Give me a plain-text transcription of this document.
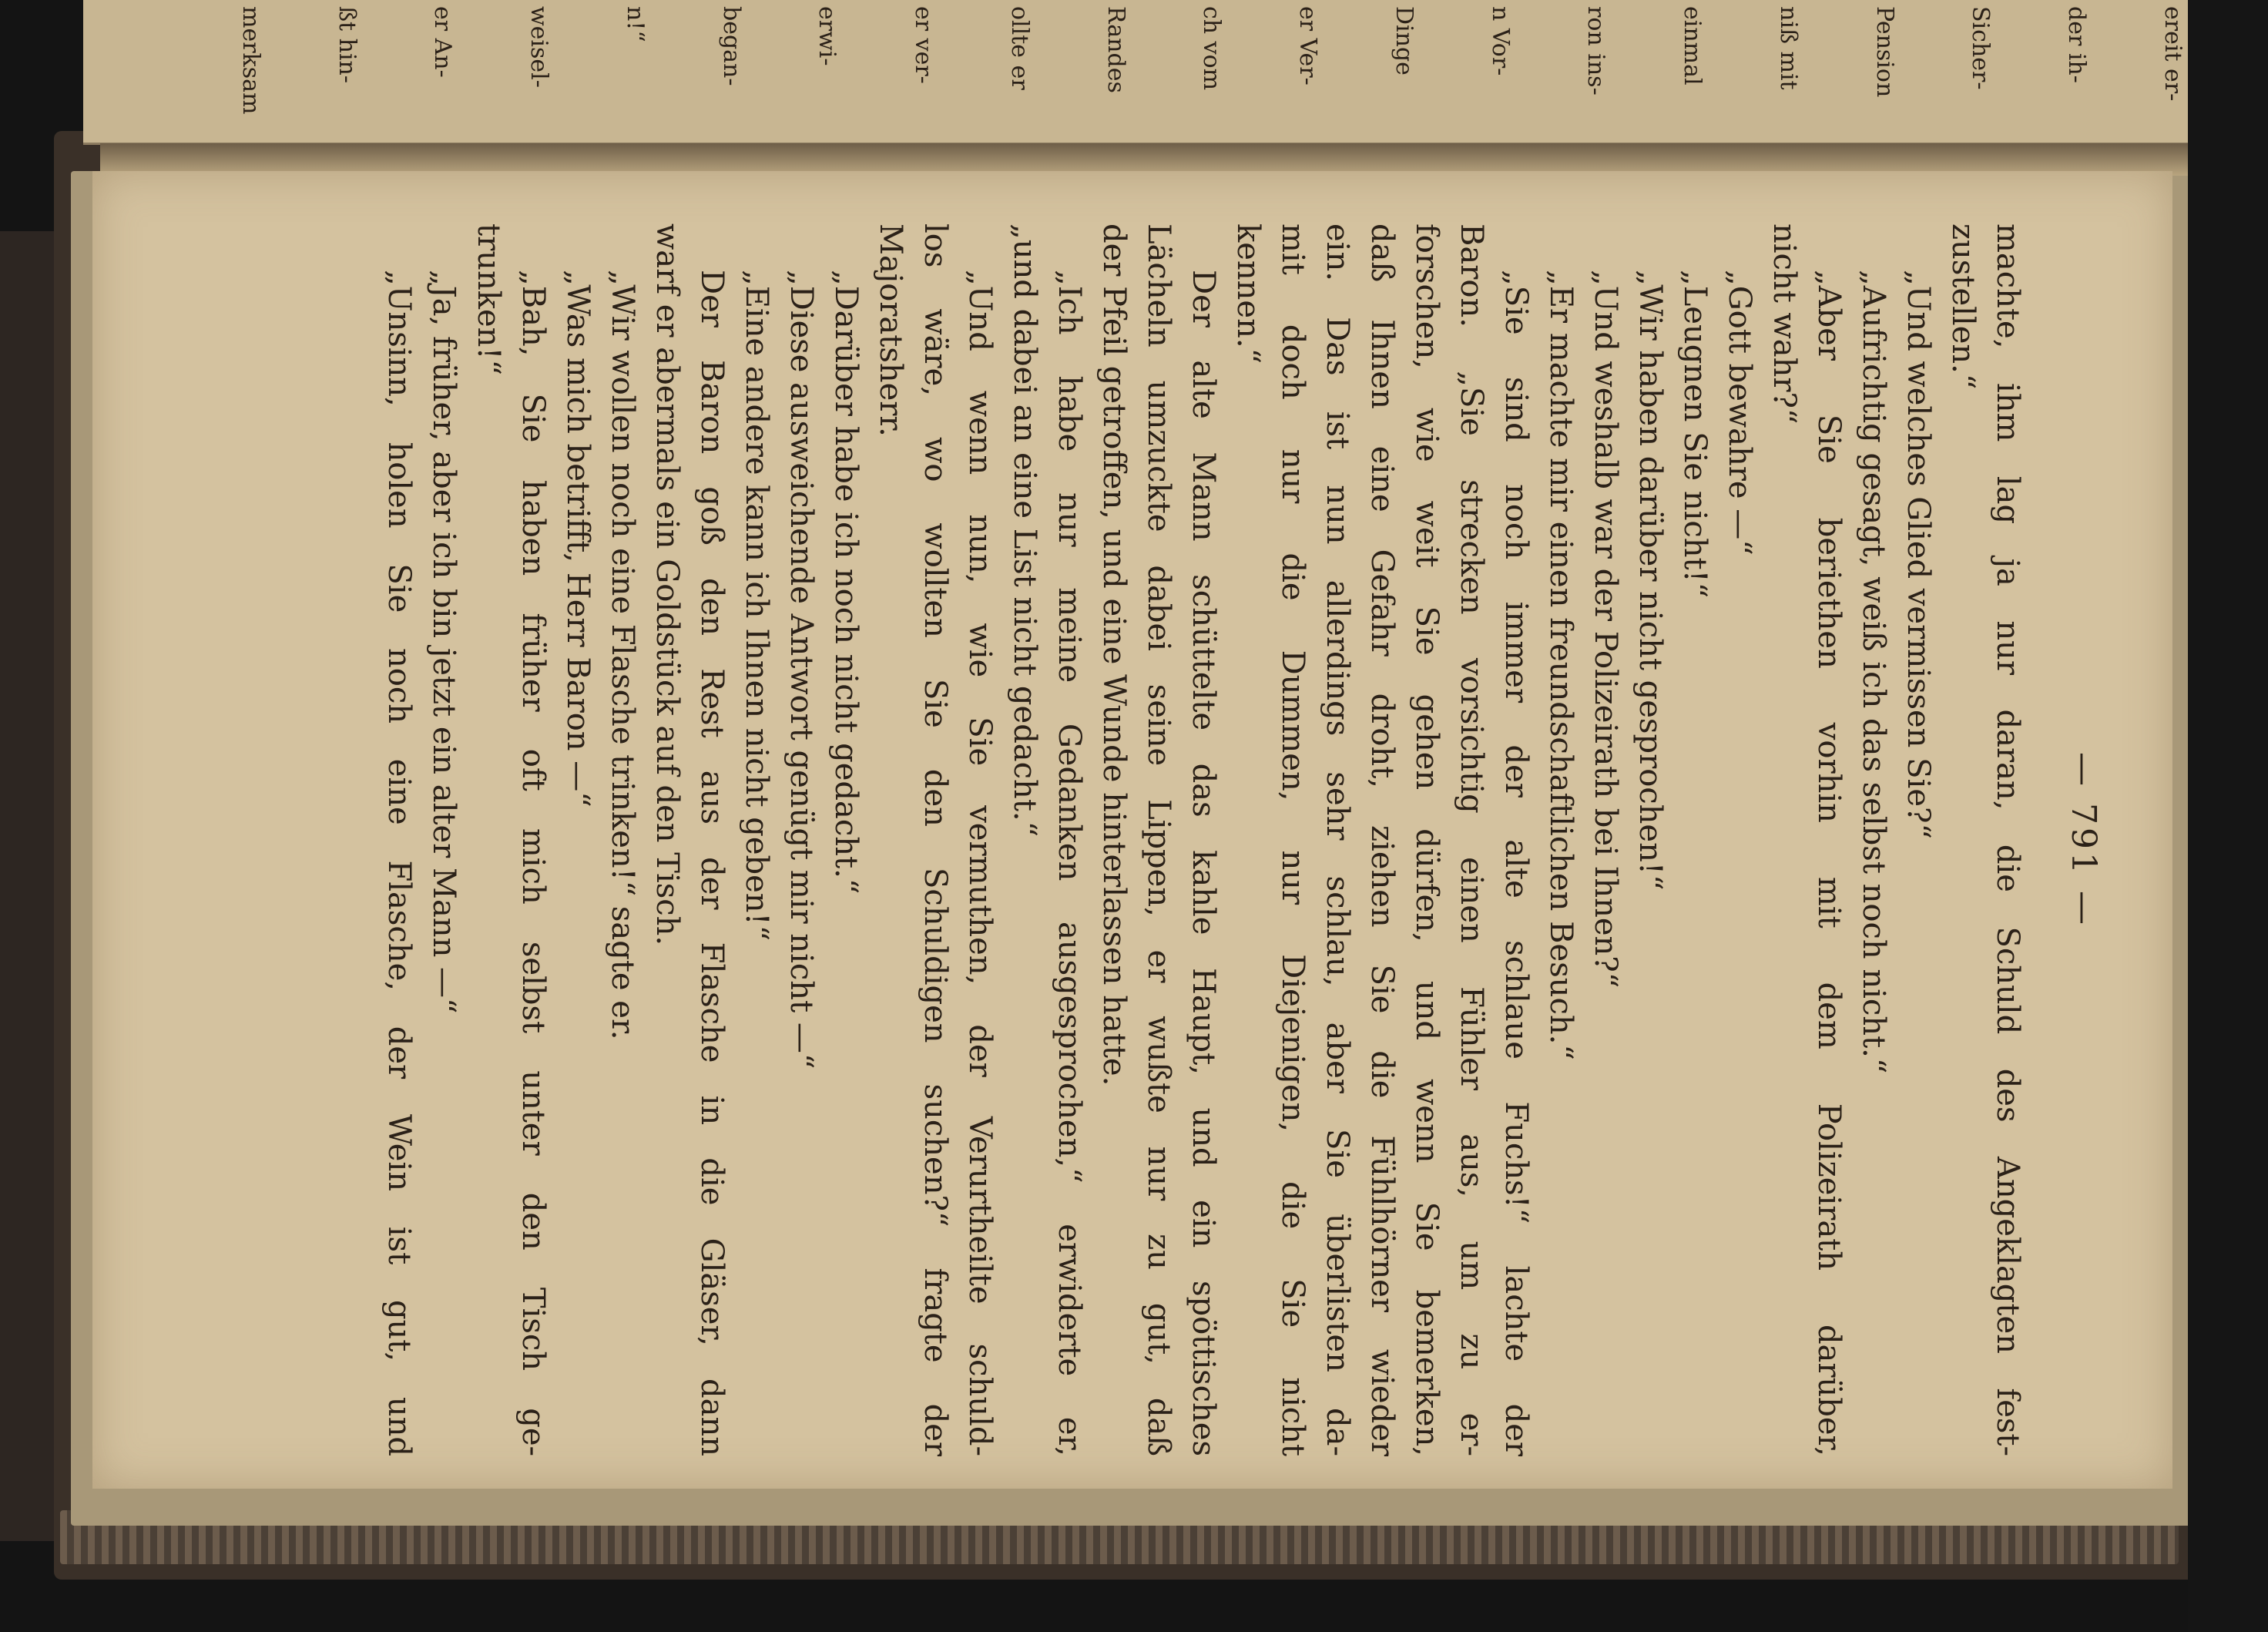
ereit er-
der ih-
Sicher-
Pension
niß mit
einmal
ron ins-
n Vor-
Dinge
er Ver-
ch vom
Randes
ollte er
er ver-
erwi-
began-
n!“
weisel-
er An-
ßt hin-
merksam
— 791 —
machte, ihm lag ja nur daran, die Schuld des Angeklagten fest-
zustellen.“
„Und welches Glied vermissen Sie?“
„Aufrichtig gesagt, weiß ich das selbst noch nicht.“
„Aber Sie beriethen vorhin mit dem Polizeirath darüber,
nicht wahr?“
„Gott bewahre —“
„Leugnen Sie nicht!“
„Wir haben darüber nicht gesprochen!“
„Und weshalb war der Polizeirath bei Ihnen?“
„Er machte mir einen freundschaftlichen Besuch.“
„Sie sind noch immer der alte schlaue Fuchs!“ lachte der
Baron. „Sie strecken vorsichtig einen Fühler aus, um zu er-
forschen, wie weit Sie gehen dürfen, und wenn Sie bemerken,
daß Ihnen eine Gefahr droht, ziehen Sie die Fühlhörner wieder
ein. Das ist nun allerdings sehr schlau, aber Sie überlisten da-
mit doch nur die Dummen, nur Diejenigen, die Sie nicht
kennen.“
Der alte Mann schüttelte das kahle Haupt, und ein spöttisches
Lächeln umzuckte dabei seine Lippen, er wußte nur zu gut, daß
der Pfeil getroffen, und eine Wunde hinterlassen hatte.
„Ich habe nur meine Gedanken ausgesprochen,“ erwiderte er,
„und dabei an eine List nicht gedacht.“
„Und wenn nun, wie Sie vermuthen, der Verurtheilte schuld-
los wäre, wo wollten Sie den Schuldigen suchen?“ fragte der
Majoratsherr.
„Darüber habe ich noch nicht gedacht.“
„Diese ausweichende Antwort genügt mir nicht —“
„Eine andere kann ich Ihnen nicht geben!“
Der Baron goß den Rest aus der Flasche in die Gläser, dann
warf er abermals ein Goldstück auf den Tisch.
„Wir wollen noch eine Flasche trinken!“ sagte er.
„Was mich betrifft, Herr Baron —“
„Bah, Sie haben früher oft mich selbst unter den Tisch ge-
trunken!“
„Ja, früher, aber ich bin jetzt ein alter Mann —“
„Unsinn, holen Sie noch eine Flasche, der Wein ist gut, und
